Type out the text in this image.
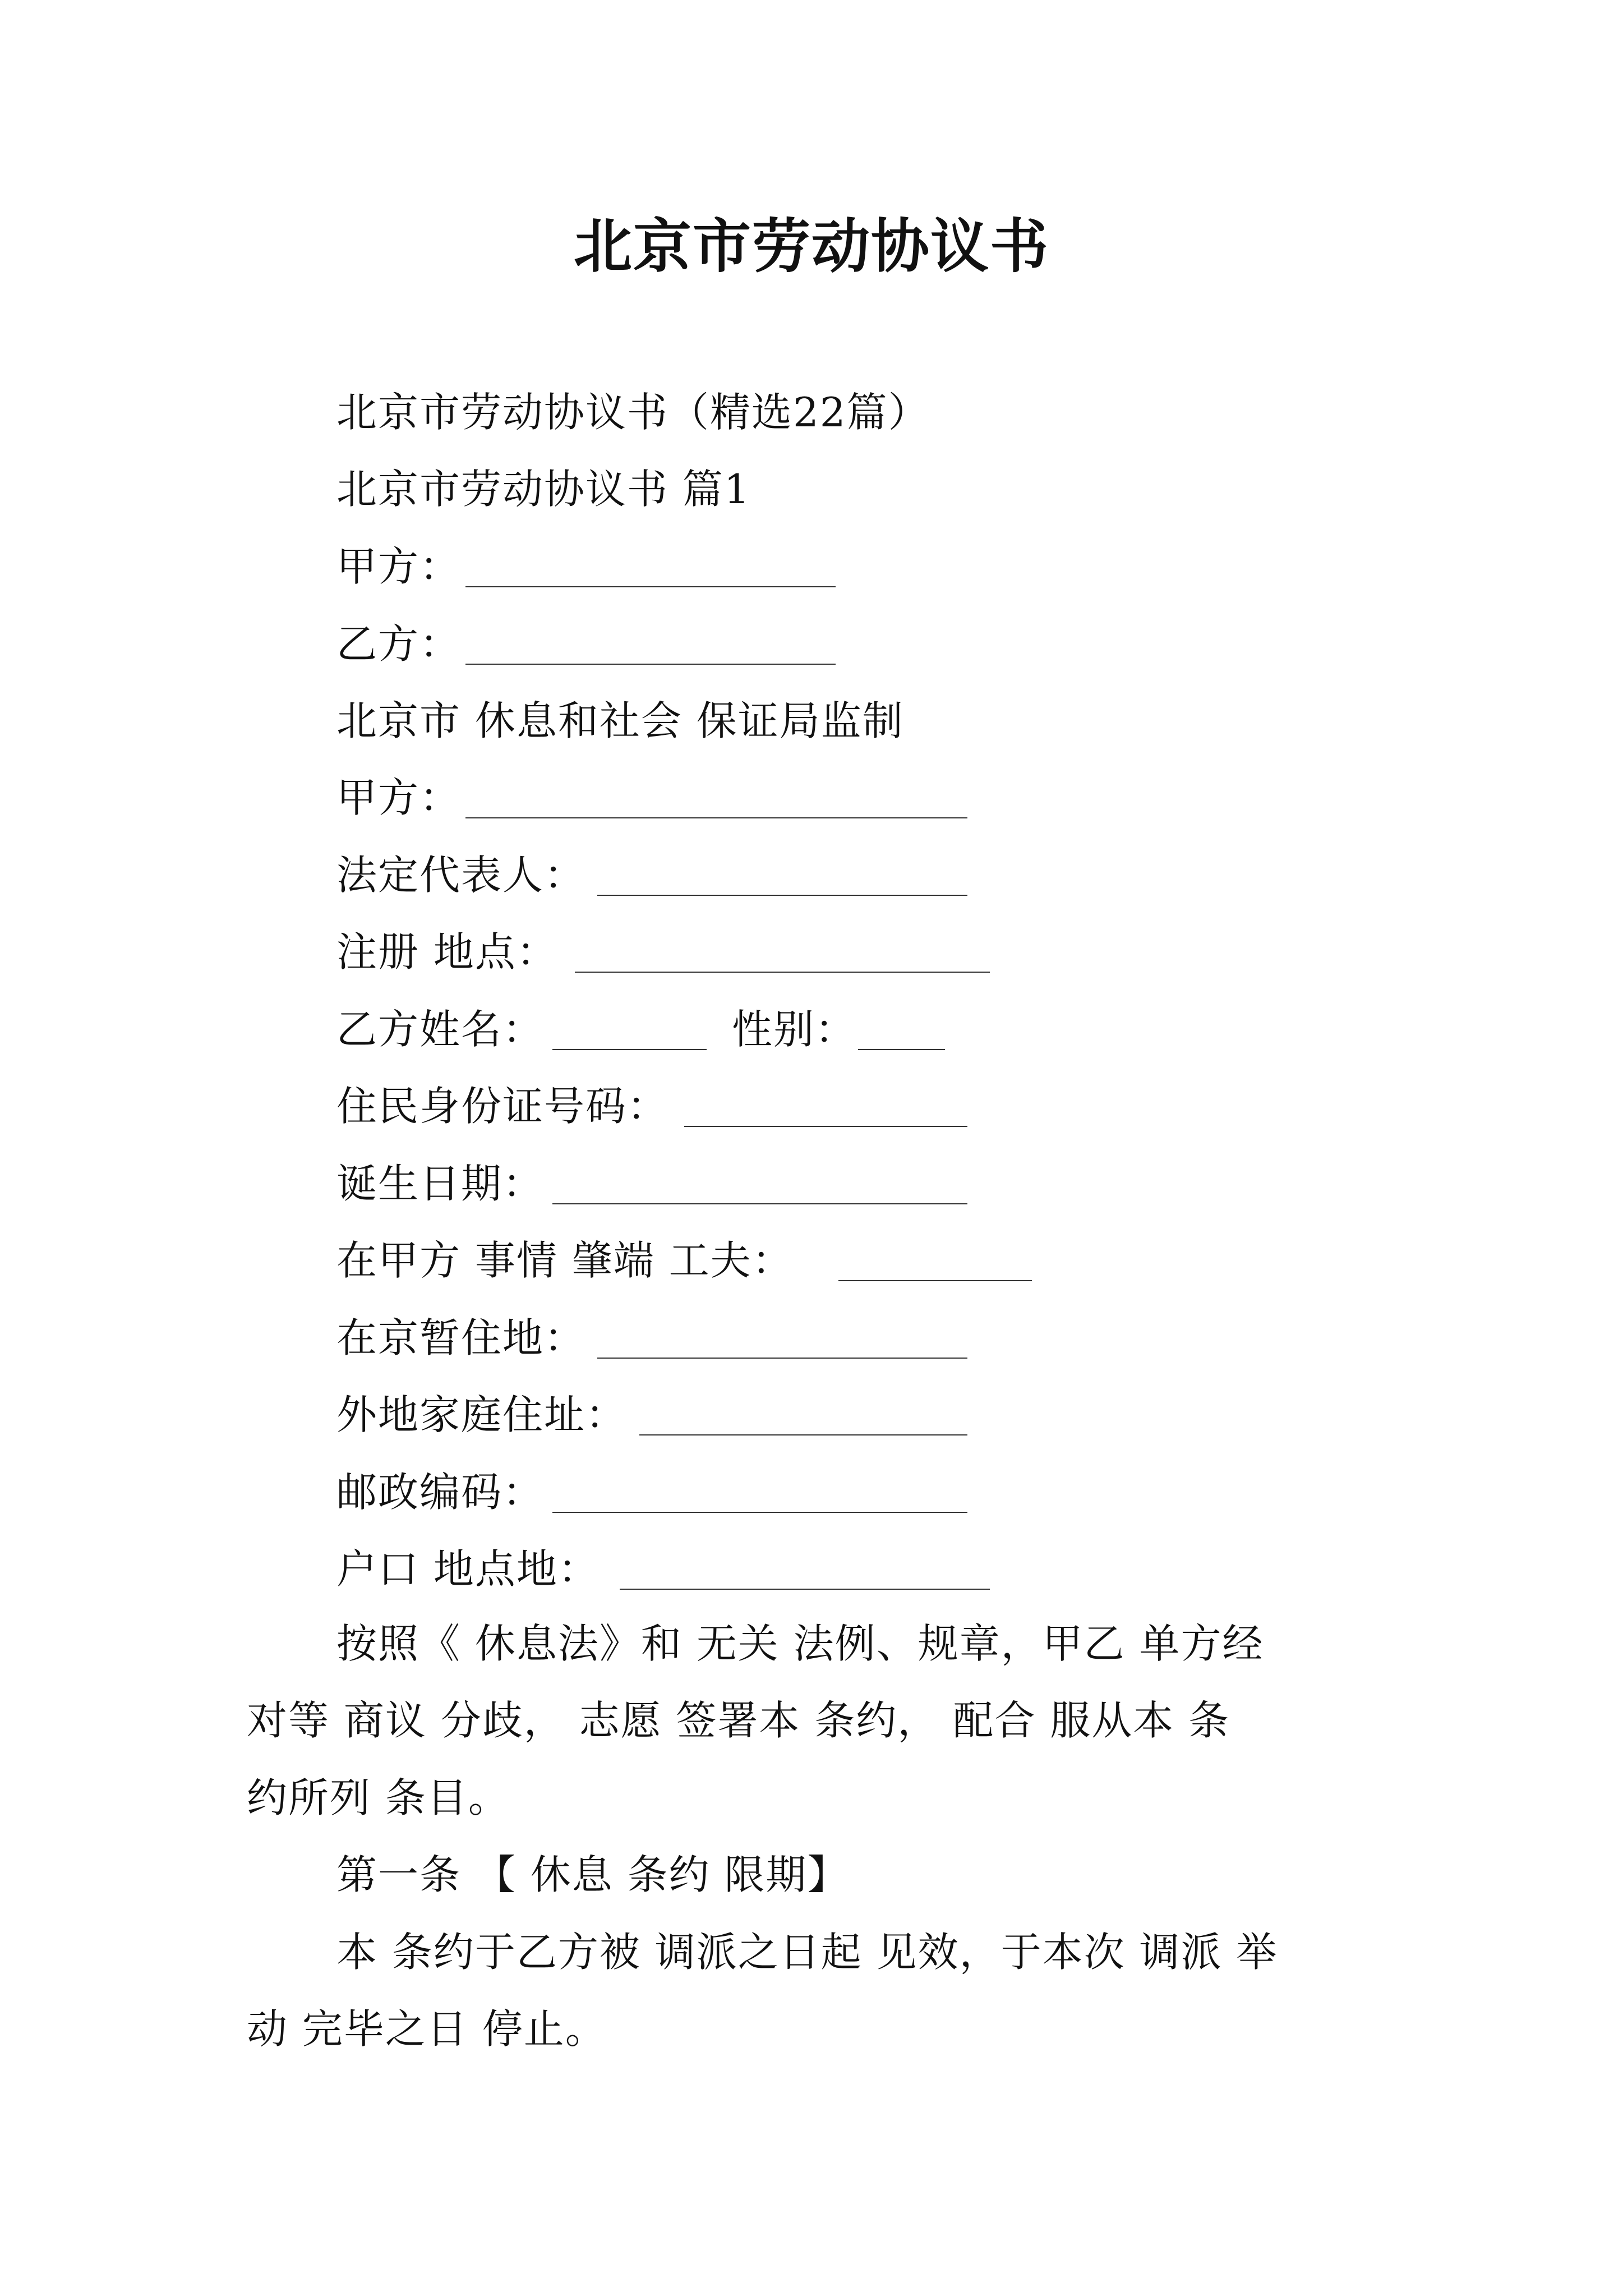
北京市劳动协议书
北京市劳动协议书（精选22篇）
北京市劳动协议书 篇1
甲方：
乙方：
北京市 休息和社会 保证局监制
甲方：
法定代表人：
注册 地点：
乙方姓名：	性别：
住民身份证号码：
诞生日期：
在甲方 事情 肇端 工夫：
在京暂住地：
外地家庭住址：
邮政编码：
户口 地点地：
按照《 休息法》和 无关 法例、规章，甲乙 单方经
对等 商议 分歧， 志愿 签署本 条约， 配合 服从本 条
约所列 条目。
第一条 【 休息 条约 限期】
本 条约于乙方被 调派之日起 见效，于本次 调派 举
动 完毕之日 停止。
